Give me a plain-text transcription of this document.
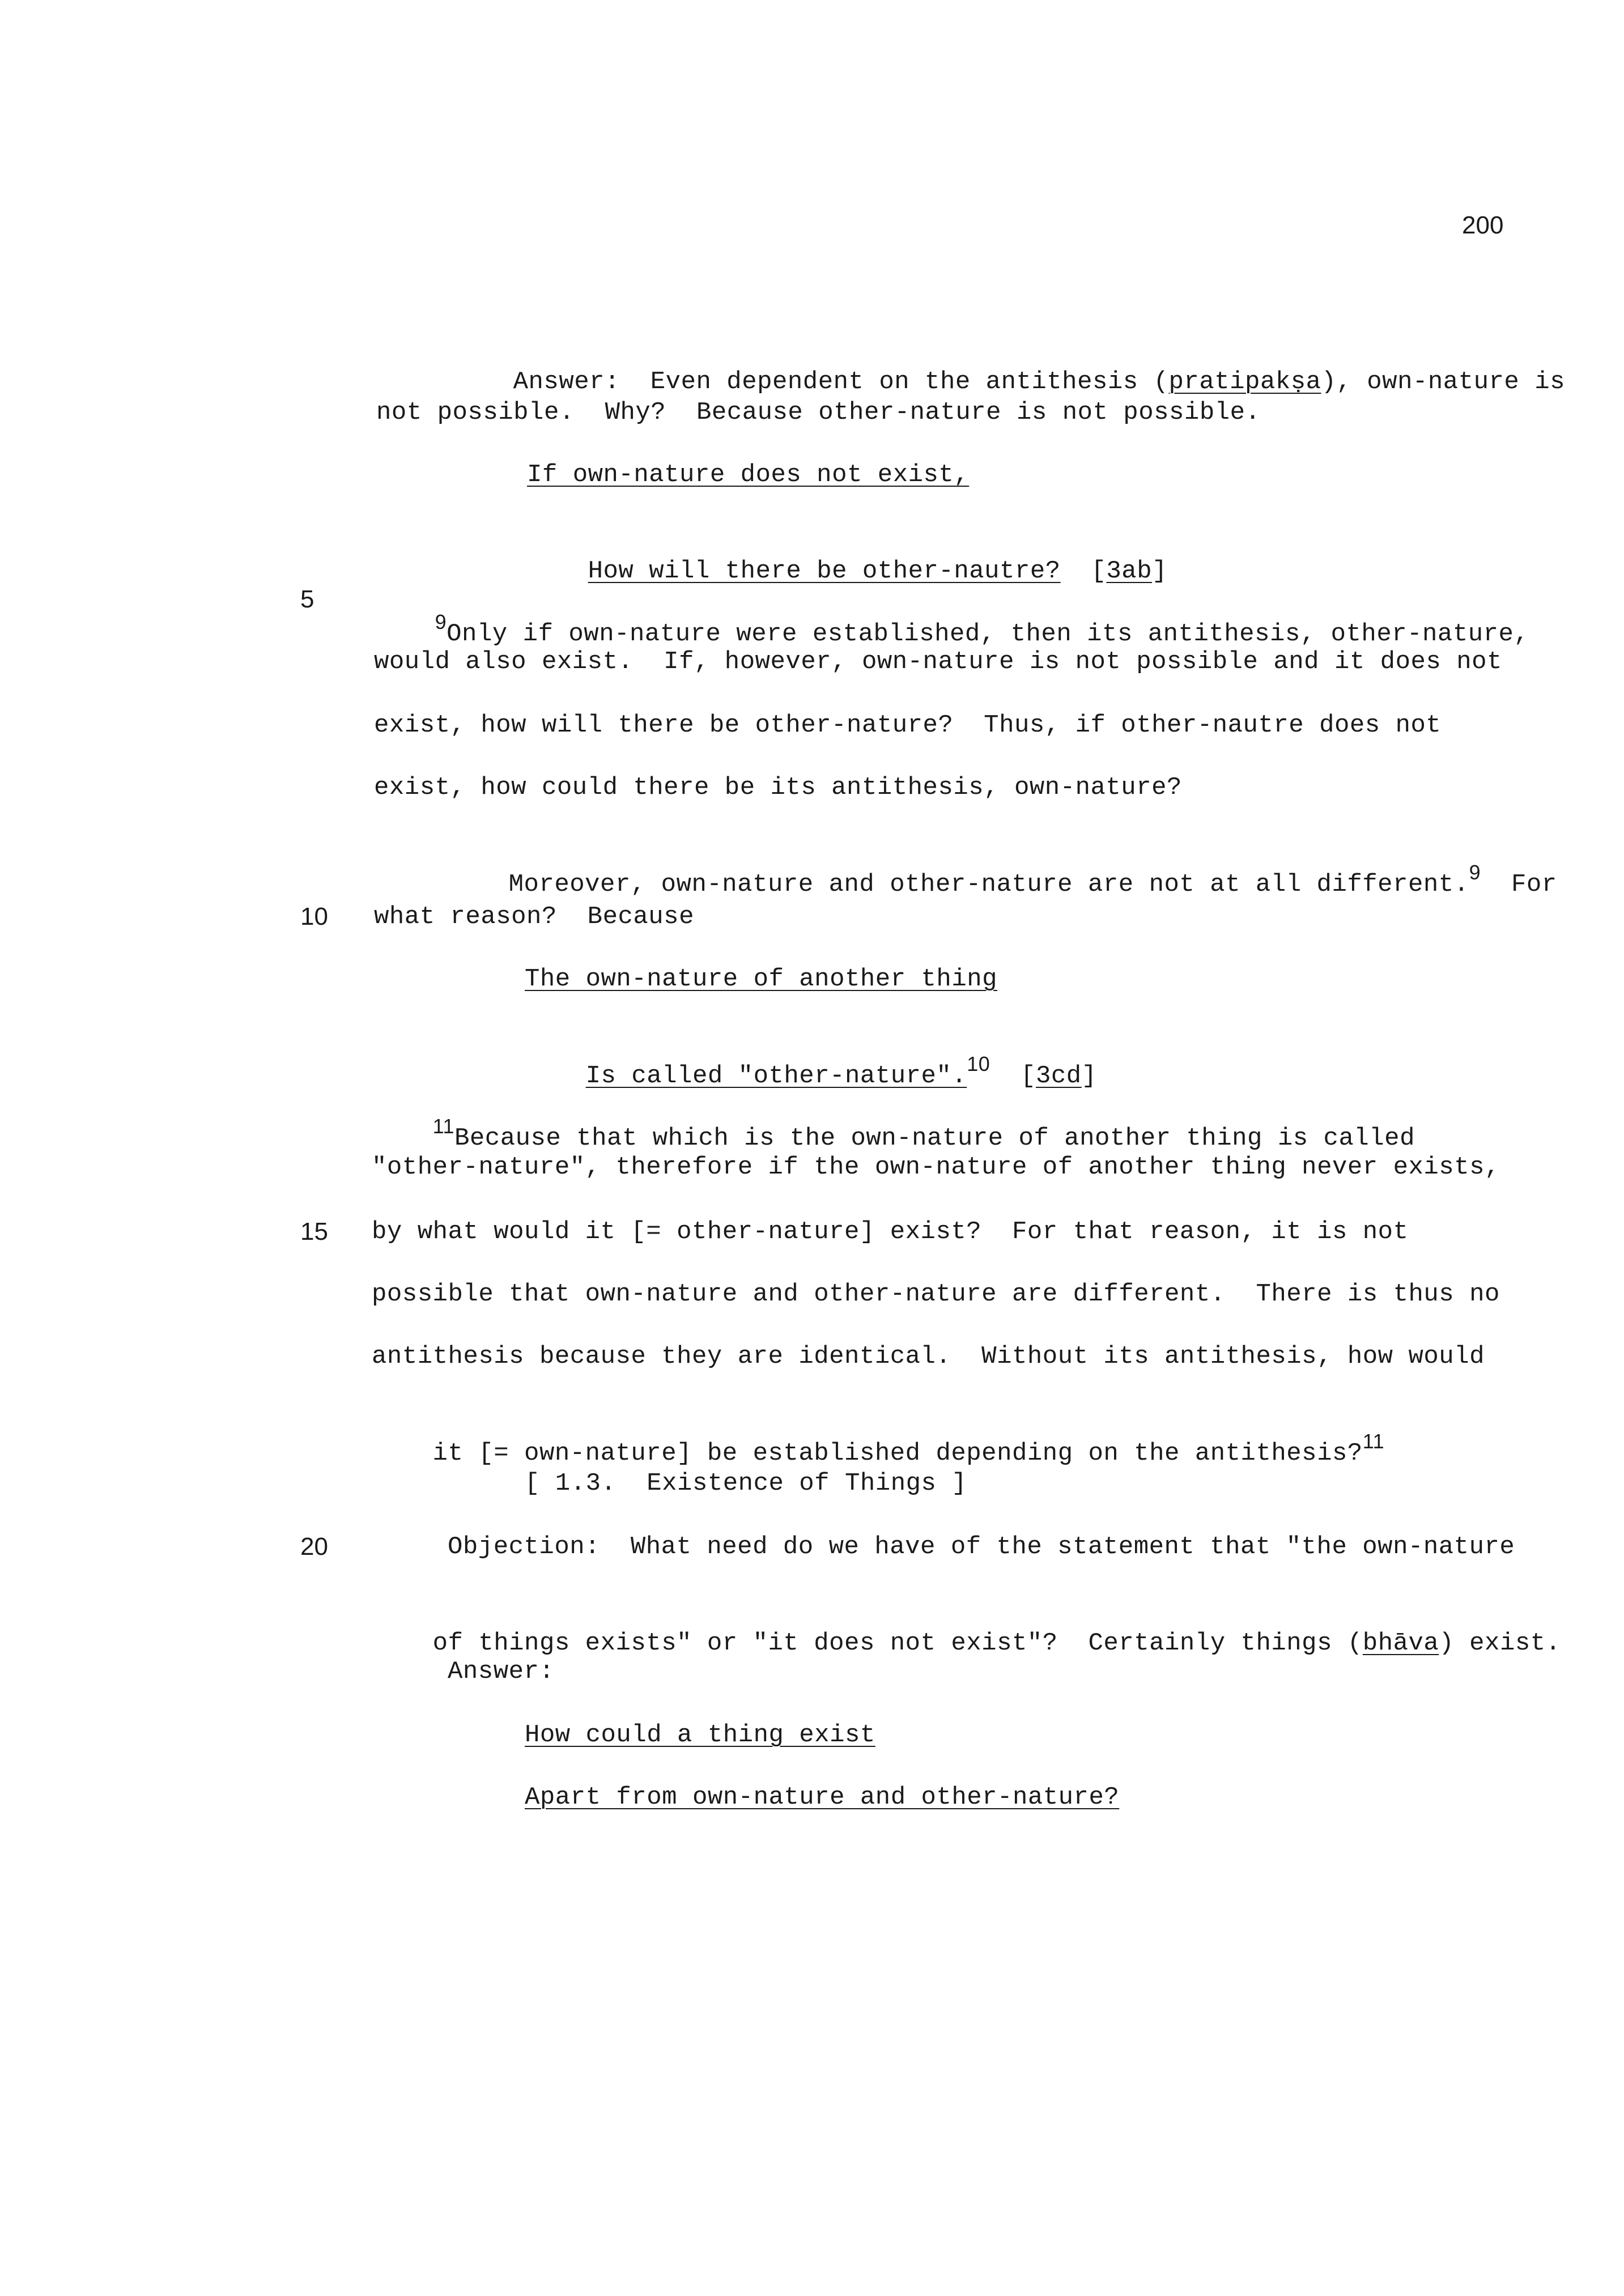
200
5
10
15
20

Answer:  Even dependent on the antithesis (pratipakṣa), own-nature is

not possible.  Why?  Because other-nature is not possible.
If own-nature does not exist,

How will there be other-nautre?  [3ab]

$^9$Only if own-nature were established, then its antithesis, other-nature,

would also exist.  If, however, own-nature is not possible and it does not
exist, how will there be other-nature?  Thus, if other-nautre does not
exist, how could there be its antithesis, own-nature?

Moreover, own-nature and other-nature are not at all different.$^9$ For

what reason?  Because
The own-nature of another thing

Is called "other-nature".$^{10}$  [3cd]

$^{11}$Because that which is the own-nature of another thing is called

"other-nature", therefore if the own-nature of another thing never exists,
by what would it [= other-nature] exist?  For that reason, it is not
possible that own-nature and other-nature are different.  There is thus no
antithesis because they are identical.  Without its antithesis, how would

it [= own-nature] be established depending on the antithesis?$^{11}$

[ 1.3.  Existence of Things ]
Objection:  What need do we have of the statement that "the own-nature

of things exists" or "it does not exist"?  Certainly things (bhāva) exist.

Answer:
How could a thing exist
Apart from own-nature and other-nature?
